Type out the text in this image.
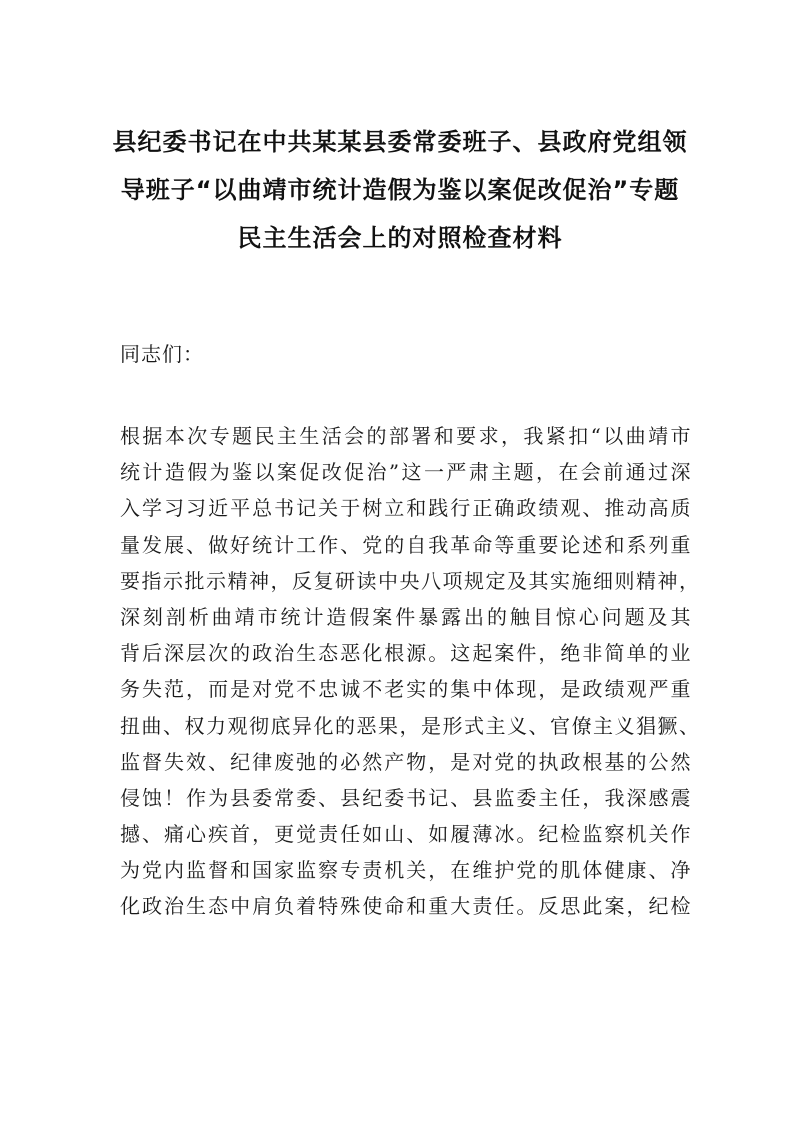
县纪委书记在中共某某县委常委班子、县政府党组领
导班子“以曲靖市统计造假为鉴以案促改促治”专题
民主生活会上的对照检查材料
同志们：
根据本次专题民主生活会的部署和要求，我紧扣“以曲靖市
统计造假为鉴以案促改促治”这一严肃主题，在会前通过深
入学习习近平总书记关于树立和践行正确政绩观、推动高质
量发展、做好统计工作、党的自我革命等重要论述和系列重
要指示批示精神，反复研读中央八项规定及其实施细则精神，
深刻剖析曲靖市统计造假案件暴露出的触目惊心问题及其
背后深层次的政治生态恶化根源。这起案件，绝非简单的业
务失范，而是对党不忠诚不老实的集中体现，是政绩观严重
扭曲、权力观彻底异化的恶果，是形式主义、官僚主义猖獗、
监督失效、纪律废弛的必然产物，是对党的执政根基的公然
侵蚀！作为县委常委、县纪委书记、县监委主任，我深感震
撼、痛心疾首，更觉责任如山、如履薄冰。纪检监察机关作
为党内监督和国家监察专责机关，在维护党的肌体健康、净
化政治生态中肩负着特殊使命和重大责任。反思此案，纪检
